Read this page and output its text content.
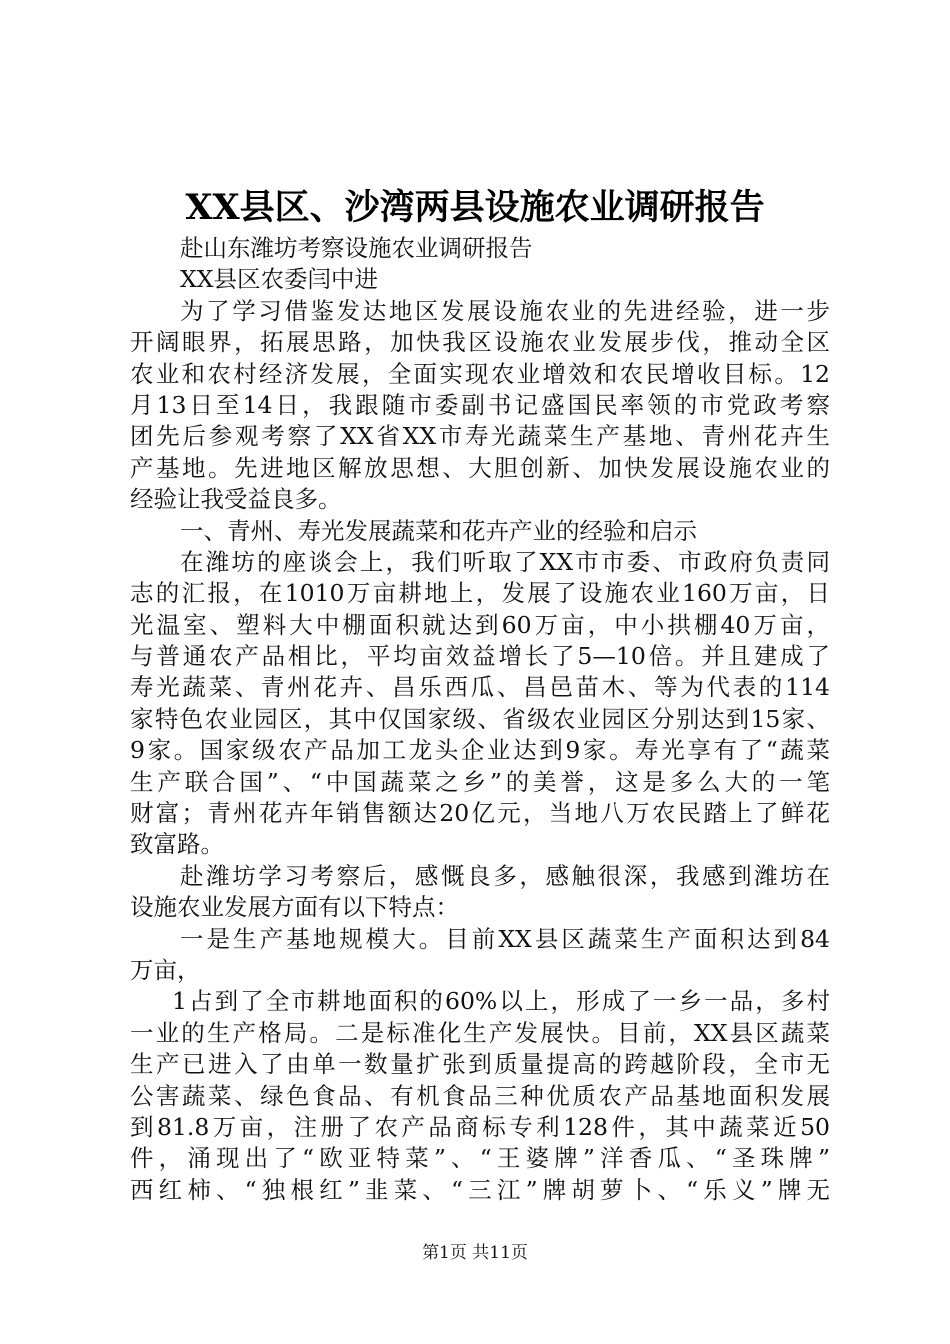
XX县区、沙湾两县设施农业调研报告
赴山东潍坊考察设施农业调研报告
XX县区农委闫中进
为了学习借鉴发达地区发展设施农业的先进经验，进一步
开阔眼界，拓展思路，加快我区设施农业发展步伐，推动全区
农业和农村经济发展，全面实现农业增效和农民增收目标。12
月13日至14日，我跟随市委副书记盛国民率领的市党政考察
团先后参观考察了XX省XX市寿光蔬菜生产基地、青州花卉生
产基地。先进地区解放思想、大胆创新、加快发展设施农业的
经验让我受益良多。
一、青州、寿光发展蔬菜和花卉产业的经验和启示
在潍坊的座谈会上，我们听取了XX市市委、市政府负责同
志的汇报，在1010万亩耕地上，发展了设施农业160万亩，日
光温室、塑料大中棚面积就达到60万亩，中小拱棚40万亩，
与普通农产品相比，平均亩效益增长了5—10倍。并且建成了
寿光蔬菜、青州花卉、昌乐西瓜、昌邑苗木、等为代表的114
家特色农业园区，其中仅国家级、省级农业园区分别达到15家、
9家。国家级农产品加工龙头企业达到9家。寿光享有了“蔬菜
生产联合国”、“中国蔬菜之乡”的美誉，这是多么大的一笔
财富；青州花卉年销售额达20亿元，当地八万农民踏上了鲜花
致富路。
赴潍坊学习考察后，感慨良多，感触很深，我感到潍坊在
设施农业发展方面有以下特点：
一是生产基地规模大。目前XX县区蔬菜生产面积达到84
万亩，
1占到了全市耕地面积的60%以上，形成了一乡一品，多村
一业的生产格局。二是标准化生产发展快。目前，XX县区蔬菜
生产已进入了由单一数量扩张到质量提高的跨越阶段，全市无
公害蔬菜、绿色食品、有机食品三种优质农产品基地面积发展
到81.8万亩，注册了农产品商标专利128件，其中蔬菜近50
件，涌现出了“欧亚特菜”、“王婆牌”洋香瓜、“圣珠牌”
西红柿、“独根红”韭菜、“三江”牌胡萝卜、“乐义”牌无
第1页 共11页
